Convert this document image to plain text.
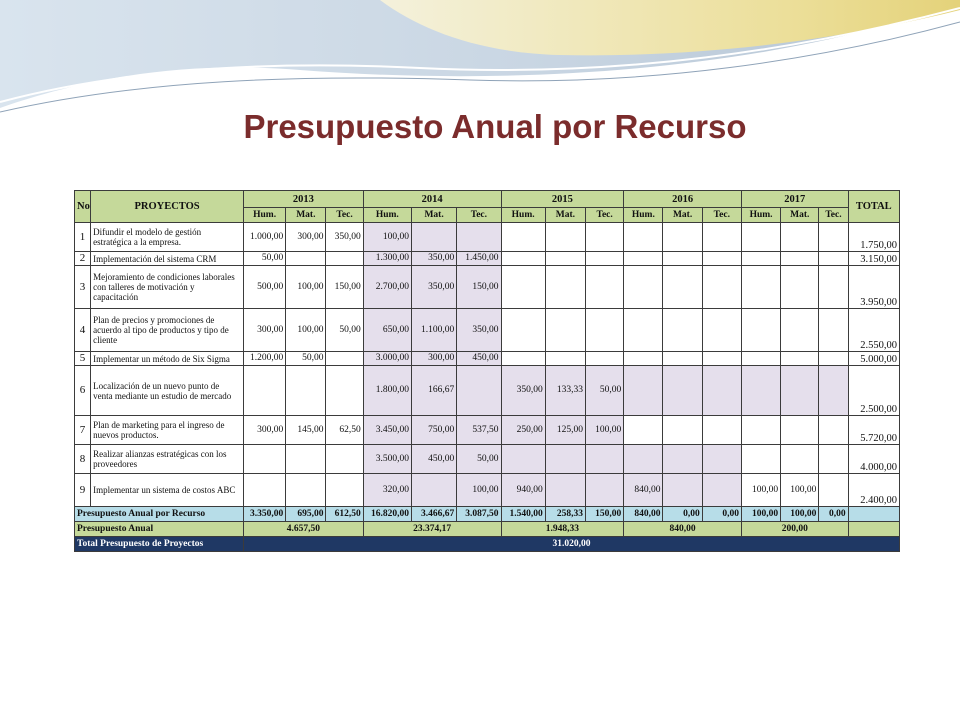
Presupuesto Anual por Recurso
No	PROYECTOS	2013			2014			2015			2016			2017			TOTAL
		Hum.	Mat.	Tec.	Hum.	Mat.	Tec.	Hum.	Mat.	Tec.	Hum.	Mat.	Tec.	Hum.	Mat.	Tec.	
1	Difundir el modelo de gestión estratégica a la empresa.	1.000,00	300,00	350,00	100,00												1.750,00
2	Implementación del sistema CRM	50,00			1.300,00	350,00	1.450,00										3.150,00
3	Mejoramiento de condiciones laborales con talleres de motivación y capacitación	500,00	100,00	150,00	2.700,00	350,00	150,00										3.950,00
4	Plan de precios y promociones de acuerdo al tipo de productos y tipo de cliente	300,00	100,00	50,00	650,00	1.100,00	350,00										2.550,00
5	Implementar un método de Six Sigma	1.200,00	50,00		3.000,00	300,00	450,00										5.000,00
6	Localización de un nuevo punto de venta mediante un estudio de mercado				1.800,00	166,67		350,00	133,33	50,00							2.500,00
7	Plan de marketing para el ingreso de nuevos productos.	300,00	145,00	62,50	3.450,00	750,00	537,50	250,00	125,00	100,00							5.720,00
8	Realizar alianzas estratégicas con los proveedores				3.500,00	450,00	50,00										4.000,00
9	Implementar un sistema de costos ABC				320,00		100,00	940,00			840,00			100,00	100,00		2.400,00
Presupuesto Anual por Recurso		3.350,00	695,00	612,50	16.820,00	3.466,67	3.087,50	1.540,00	258,33	150,00	840,00	0,00	0,00	100,00	100,00	0,00	
Presupuesto Anual		4.657,50			23.374,17			1.948,33			840,00			200,00			
Total Presupuesto de Proyectos		31.020,00															
